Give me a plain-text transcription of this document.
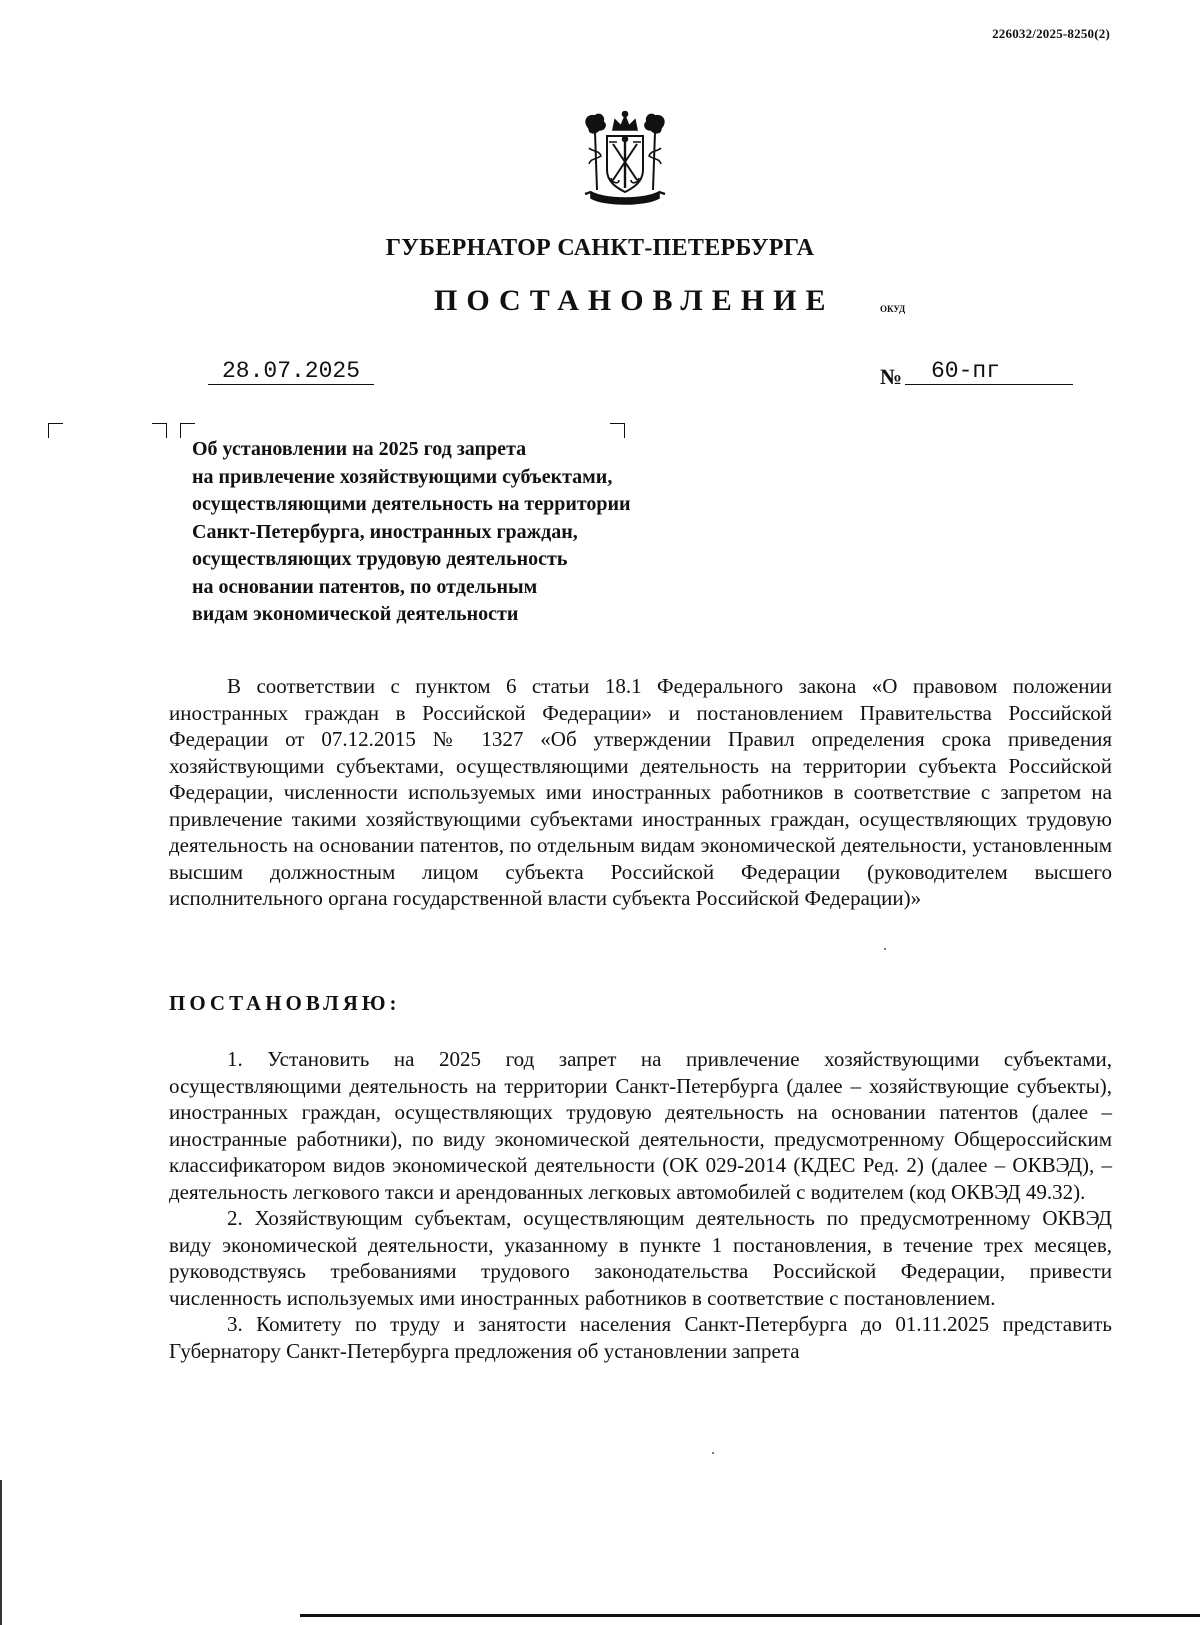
226032/2025-8250(2)
ГУБЕРНАТОР САНКТ-ПЕТЕРБУРГА
ПОСТАНОВЛЕНИЕ	ОКУД
28.07.2025	№	60-пг
Об установлении на 2025 год запрета
на привлечение хозяйствующими субъектами,
осуществляющими деятельность на территории
Санкт-Петербурга, иностранных граждан,
осуществляющих трудовую деятельность
на основании патентов, по отдельным
видам экономической деятельности
В соответствии с пунктом 6 статьи 18.1 Федерального закона «О правовом положении иностранных граждан в Российской Федерации» и постановлением Правительства Российской Федерации от 07.12.2015 № 1327 «Об утверждении Правил определения срока приведения хозяйствующими субъектами, осуществляющими деятельность на территории субъекта Российской Федерации, численности используемых ими иностранных работников в соответствие с запретом на привлечение такими хозяйствующими субъектами иностранных граждан, осуществляющих трудовую деятельность на основании патентов, по отдельным видам экономической деятельности, установленным высшим должностным лицом субъекта Российской Федерации (руководителем высшего исполнительного органа государственной власти субъекта Российской Федерации)»
ПОСТАНОВЛЯЮ:

1. Установить на 2025 год запрет на привлечение хозяйствующими субъектами, осуществляющими деятельность на территории Санкт-Петербурга (далее – хозяйствующие субъекты), иностранных граждан, осуществляющих трудовую деятельность на основании патентов (далее – иностранные работники), по виду экономической деятельности, предусмотренному Общероссийским классификатором видов экономической деятельности (ОК 029-2014 (КДЕС Ред. 2) (далее – ОКВЭД), – деятельность легкового такси и арендованных легковых автомобилей с водителем (код ОКВЭД 49.32).

2. Хозяйствующим субъектам, осуществляющим деятельность по предусмотренному ОКВЭД виду экономической деятельности, указанному в пункте 1 постановления, в течение трех месяцев, руководствуясь требованиями трудового законодательства Российской Федерации, привести численность используемых ими иностранных работников в соответствие с постановлением.

3. Комитету по труду и занятости населения Санкт-Петербурга до 01.11.2025 представить Губернатору Санкт-Петербурга предложения об установлении запрета
